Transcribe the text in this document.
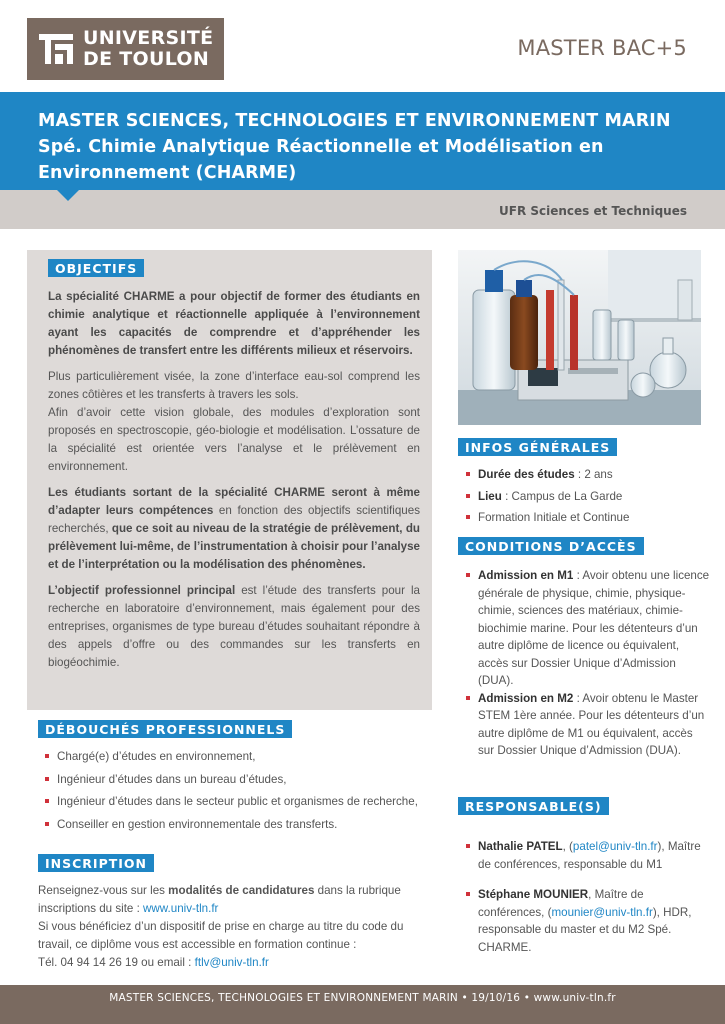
UNIVERSITÉ
DE TOULON	MASTER BAC+5
MASTER SCIENCES, TECHNOLOGIES ET ENVIRONNEMENT MARIN
Spé. Chimie Analytique Réactionnelle et Modélisation en
Environnement (CHARME)
UFR Sciences et Techniques
OBJECTIFS

La spécialité CHARME a pour objectif de former des étudiants en chimie analytique et réactionnelle appliquée à l’environnement ayant les capacités de comprendre et d’appréhender les phénomènes de transfert entre les différents milieux et réservoirs.

Plus particulièrement visée, la zone d’interface eau-sol comprend les zones côtières et les transferts à travers les sols.
Afin d’avoir cette vision globale, des modules d’exploration sont proposés en spectroscopie, géo-biologie et modélisation. L’ossature de la spécialité est orientée vers l’analyse et le prélèvement en environnement.

Les étudiants sortant de la spécialité CHARME seront à même d’adapter leurs compétences en fonction des objectifs scientifiques recherchés, que ce soit au niveau de la stratégie de prélèvement, du prélèvement lui-même, de l’instrumentation à choisir pour l’analyse et de l’interprétation ou la modélisation des phénomènes.

L’objectif professionnel principal est l’étude des transferts pour la recherche en laboratoire d’environnement, mais également pour des entreprises, organismes de type bureau d’études souhaitant répondre à des appels d’offre ou des commandes sur les transferts en biogéochimie.

DÉBOUCHÉS PROFESSIONNELS
Chargé(e) d’études en environnement,
Ingénieur d’études dans un bureau d’études,
Ingénieur d’études dans le secteur public et organismes de recherche,
Conseiller en gestion environnementale des transferts.
INSCRIPTION
Renseignez-vous sur les modalités de candidatures dans la rubrique inscriptions du site : www.univ-tln.fr
Si vous bénéficiez d’un dispositif de prise en charge au titre du code du travail, ce diplôme vous est accessible en formation continue :
Tél. 04 94 14 26 19 ou email : ftlv@univ-tln.fr
INFOS GÉNÉRALES
Durée des études : 2 ans
Lieu : Campus de La Garde
Formation Initiale et Continue
CONDITIONS D’ACCÈS
Admission en M1 : Avoir obtenu une licence générale de physique, chimie, physique-chimie, sciences des matériaux, chimie-biochimie marine. Pour les détenteurs d’un autre diplôme de licence ou équivalent, accès sur Dossier Unique d’Admission (DUA).
Admission en M2 : Avoir obtenu le Master STEM 1ère année. Pour les détenteurs d’un autre diplôme de M1 ou équivalent, accès sur Dossier Unique d’Admission (DUA).
RESPONSABLE(S)
Nathalie PATEL, (patel@univ-tln.fr), Maître de conférences, responsable du M1
Stéphane MOUNIER, Maître de conférences, (mounier@univ-tln.fr), HDR, responsable du master et du M2 Spé. CHARME.
MASTER SCIENCES, TECHNOLOGIES ET ENVIRONNEMENT MARIN • 19/10/16 • www.univ-tln.fr
